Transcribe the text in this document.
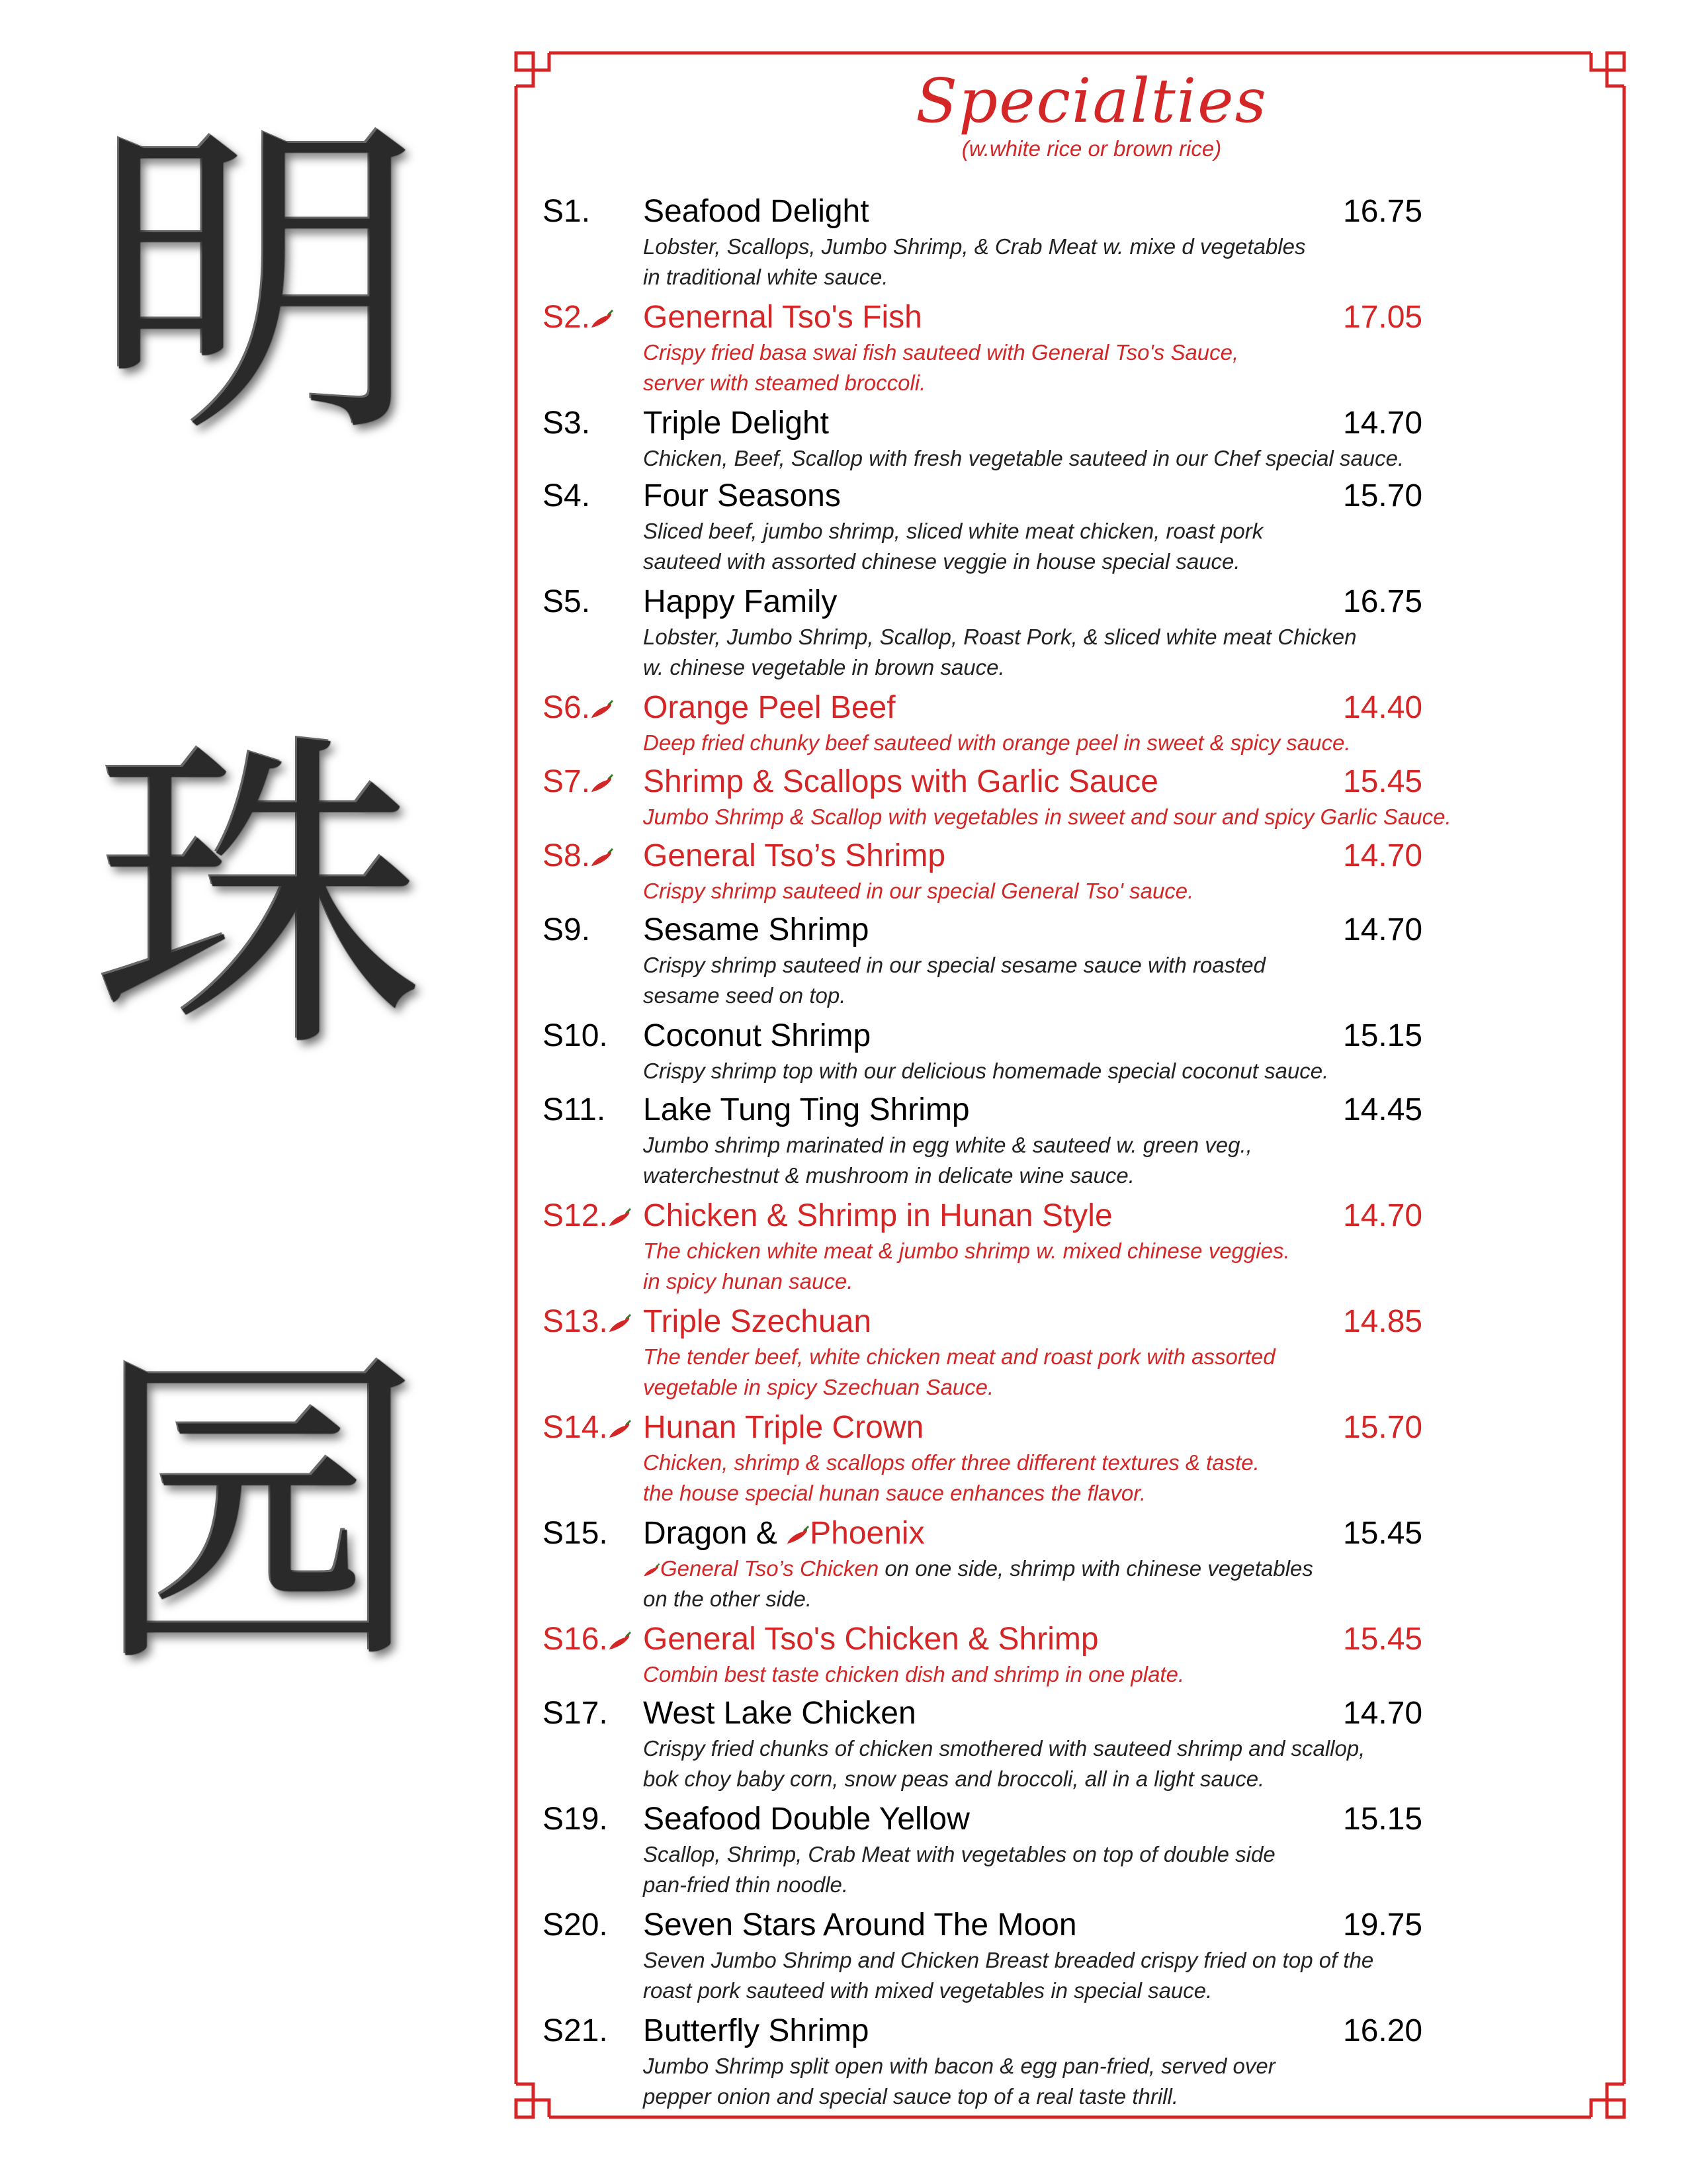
明
珠
园
Specialties
(w.white rice or brown rice)
S1. Seafood Delight	16.75
Lobster, Scallops, Jumbo Shrimp, & Crab Meat w. mixe d vegetables
in traditional white sauce.
S2.	Genernal Tso's Fish	17.05
Crispy fried basa swai fish sauteed with General Tso's Sauce,
server with steamed broccoli.
S3. Triple Delight	14.70
Chicken, Beef, Scallop with fresh vegetable sauteed in our Chef special sauce.
S4. Four Seasons	15.70
Sliced beef, jumbo shrimp, sliced white meat chicken, roast pork
sauteed with assorted chinese veggie in house special sauce.
S5. Happy Family	16.75
Lobster, Jumbo Shrimp, Scallop, Roast Pork, & sliced white meat Chicken
w. chinese vegetable in brown sauce.
S6.	Orange Peel Beef	14.40
Deep fried chunky beef sauteed with orange peel in sweet & spicy sauce.
S7.	Shrimp & Scallops with Garlic Sauce	15.45
Jumbo Shrimp & Scallop with vegetables in sweet and sour and spicy Garlic Sauce.
S8.	General Tso’s Shrimp	14.70
Crispy shrimp sauteed in our special General Tso' sauce.
S9. Sesame Shrimp	14.70
Crispy shrimp sauteed in our special sesame sauce with roasted
sesame seed on top.
S10. Coconut Shrimp	15.15
Crispy shrimp top with our delicious homemade special coconut sauce.
S11. Lake Tung Ting Shrimp	14.45
Jumbo shrimp marinated in egg white & sauteed w. green veg.,
waterchestnut & mushroom in delicate wine sauce.
S12.	Chicken & Shrimp in Hunan Style	14.70
The chicken white meat & jumbo shrimp w. mixed chinese veggies.
in spicy hunan sauce.
S13.	Triple Szechuan	14.85
The tender beef, white chicken meat and roast pork with assorted
vegetable in spicy Szechuan Sauce.
S14.	Hunan Triple Crown	15.70
Chicken, shrimp & scallops offer three different textures & taste.
the house special hunan sauce enhances the flavor.
S15. Dragon & Phoenix	15.45
General Tso’s Chicken on one side, shrimp with chinese vegetables
on the other side.
S16.	General Tso's Chicken & Shrimp	15.45
Combin best taste chicken dish and shrimp in one plate.
S17. West Lake Chicken	14.70
Crispy fried chunks of chicken smothered with sauteed shrimp and scallop,
bok choy baby corn, snow peas and broccoli, all in a light sauce.
S19. Seafood Double Yellow	15.15
Scallop, Shrimp, Crab Meat with vegetables on top of double side
pan-fried thin noodle.
S20. Seven Stars Around The Moon	19.75
Seven Jumbo Shrimp and Chicken Breast breaded crispy fried on top of the
roast pork sauteed with mixed vegetables in special sauce.
S21. Butterfly Shrimp	16.20
Jumbo Shrimp split open with bacon & egg pan-fried, served over
pepper onion and special sauce top of a real taste thrill.
